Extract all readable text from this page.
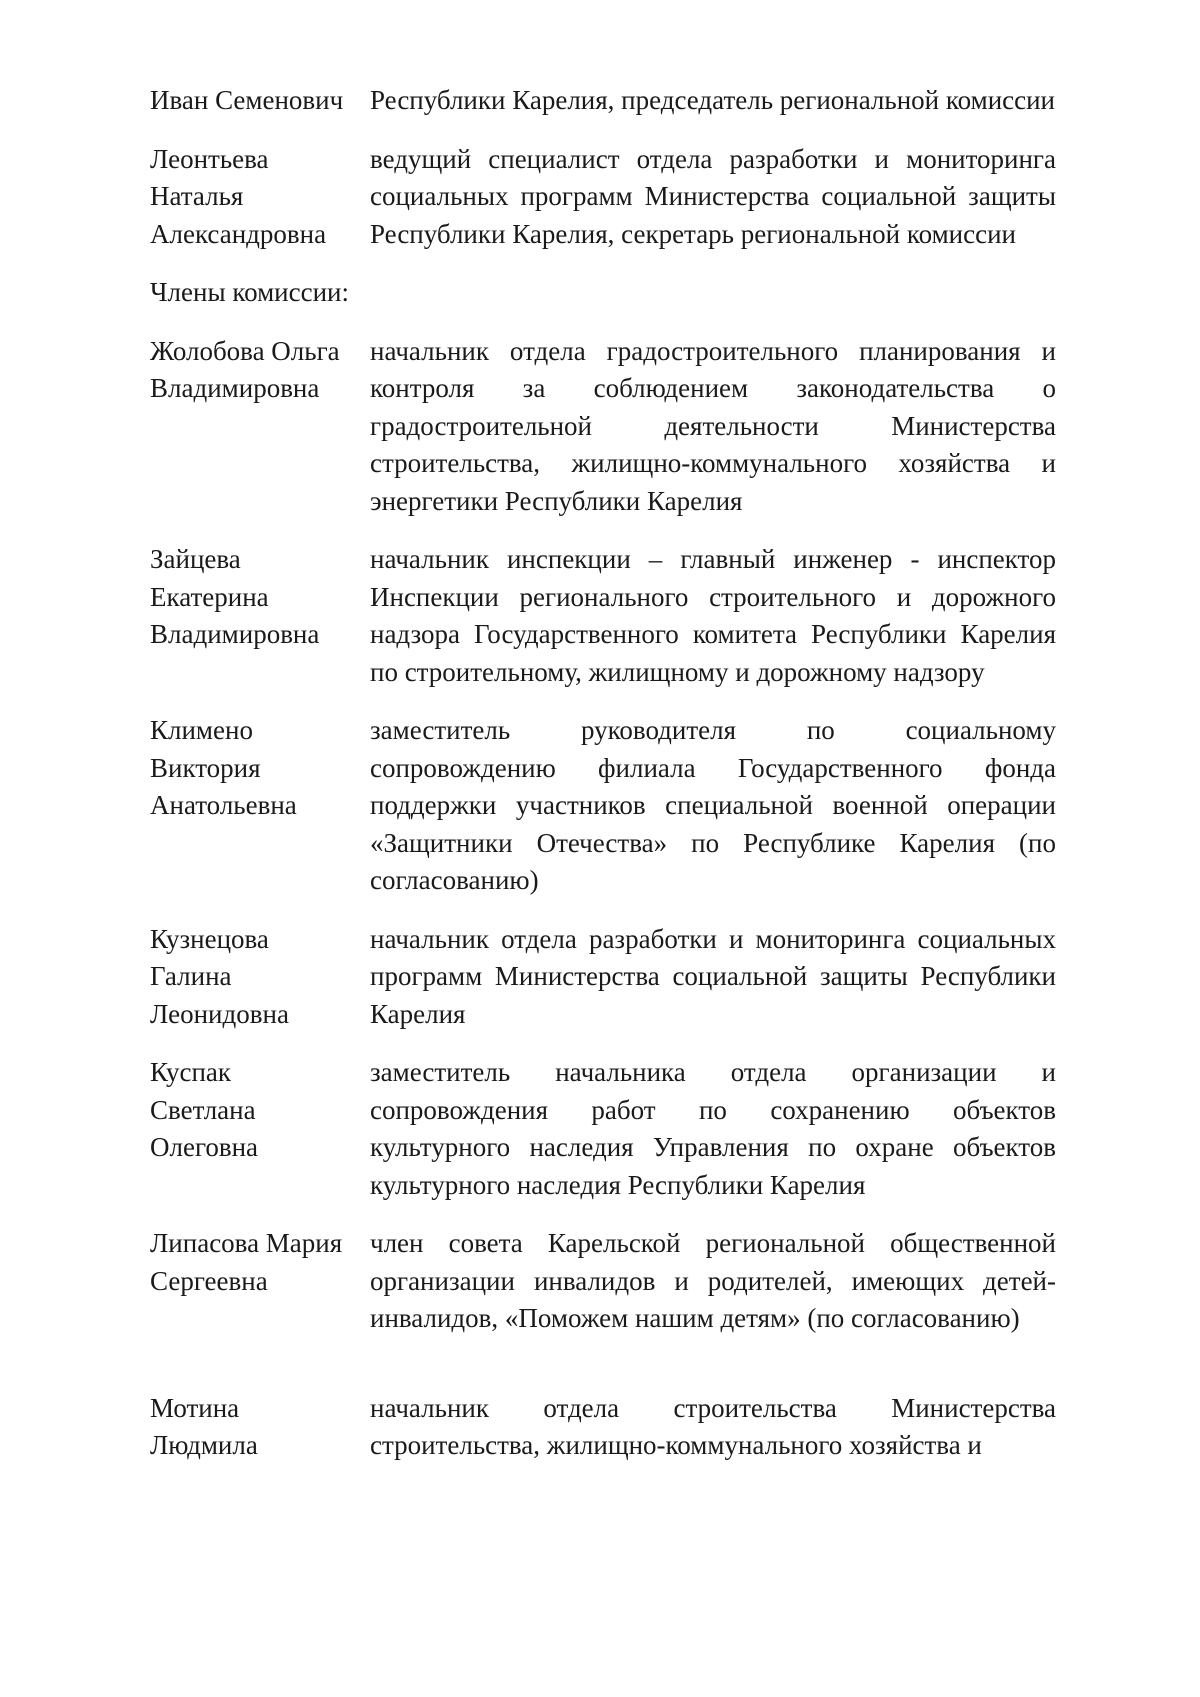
Иван Семенович Республики Карелия, председатель региональной комиссии
Леонтьева
Наталья
Александровна
ведущий специалист отдела разработки и мониторинга социальных программ Министерства социальной защиты Республики Карелия, секретарь региональной комиссии
Члены комиссии:
Жолобова Ольга
Владимировна
начальник отдела градостроительного планирования и контроля за соблюдением законодательства о градостроительной деятельности Министерства строительства, жилищно-коммунального хозяйства и энергетики Республики Карелия
Зайцева
Екатерина
Владимировна
начальник инспекции – главный инженер - инспектор Инспекции регионального строительного и дорожного надзора Государственного комитета Республики Карелия по строительному, жилищному и дорожному надзору
Климено
Виктория
Анатольевна
заместитель руководителя по социальному сопровождению филиала Государственного фонда поддержки участников специальной военной операции «Защитники Отечества» по Республике Карелия (по согласованию)
Кузнецова
Галина
Леонидовна
начальник отдела разработки и мониторинга социальных программ Министерства социальной защиты Республики Карелия
Куспак
Светлана
Олеговна
заместитель начальника отдела организации и сопровождения работ по сохранению объектов культурного наследия Управления по охране объектов культурного наследия Республики Карелия
Липасова Мария
Сергеевна
член совета Карельской региональной общественной организации инвалидов и родителей, имеющих детей-инвалидов, «Поможем нашим детям» (по согласованию)
Мотина
Людмила
начальник отдела строительства Министерства строительства, жилищно-коммунального хозяйства и
